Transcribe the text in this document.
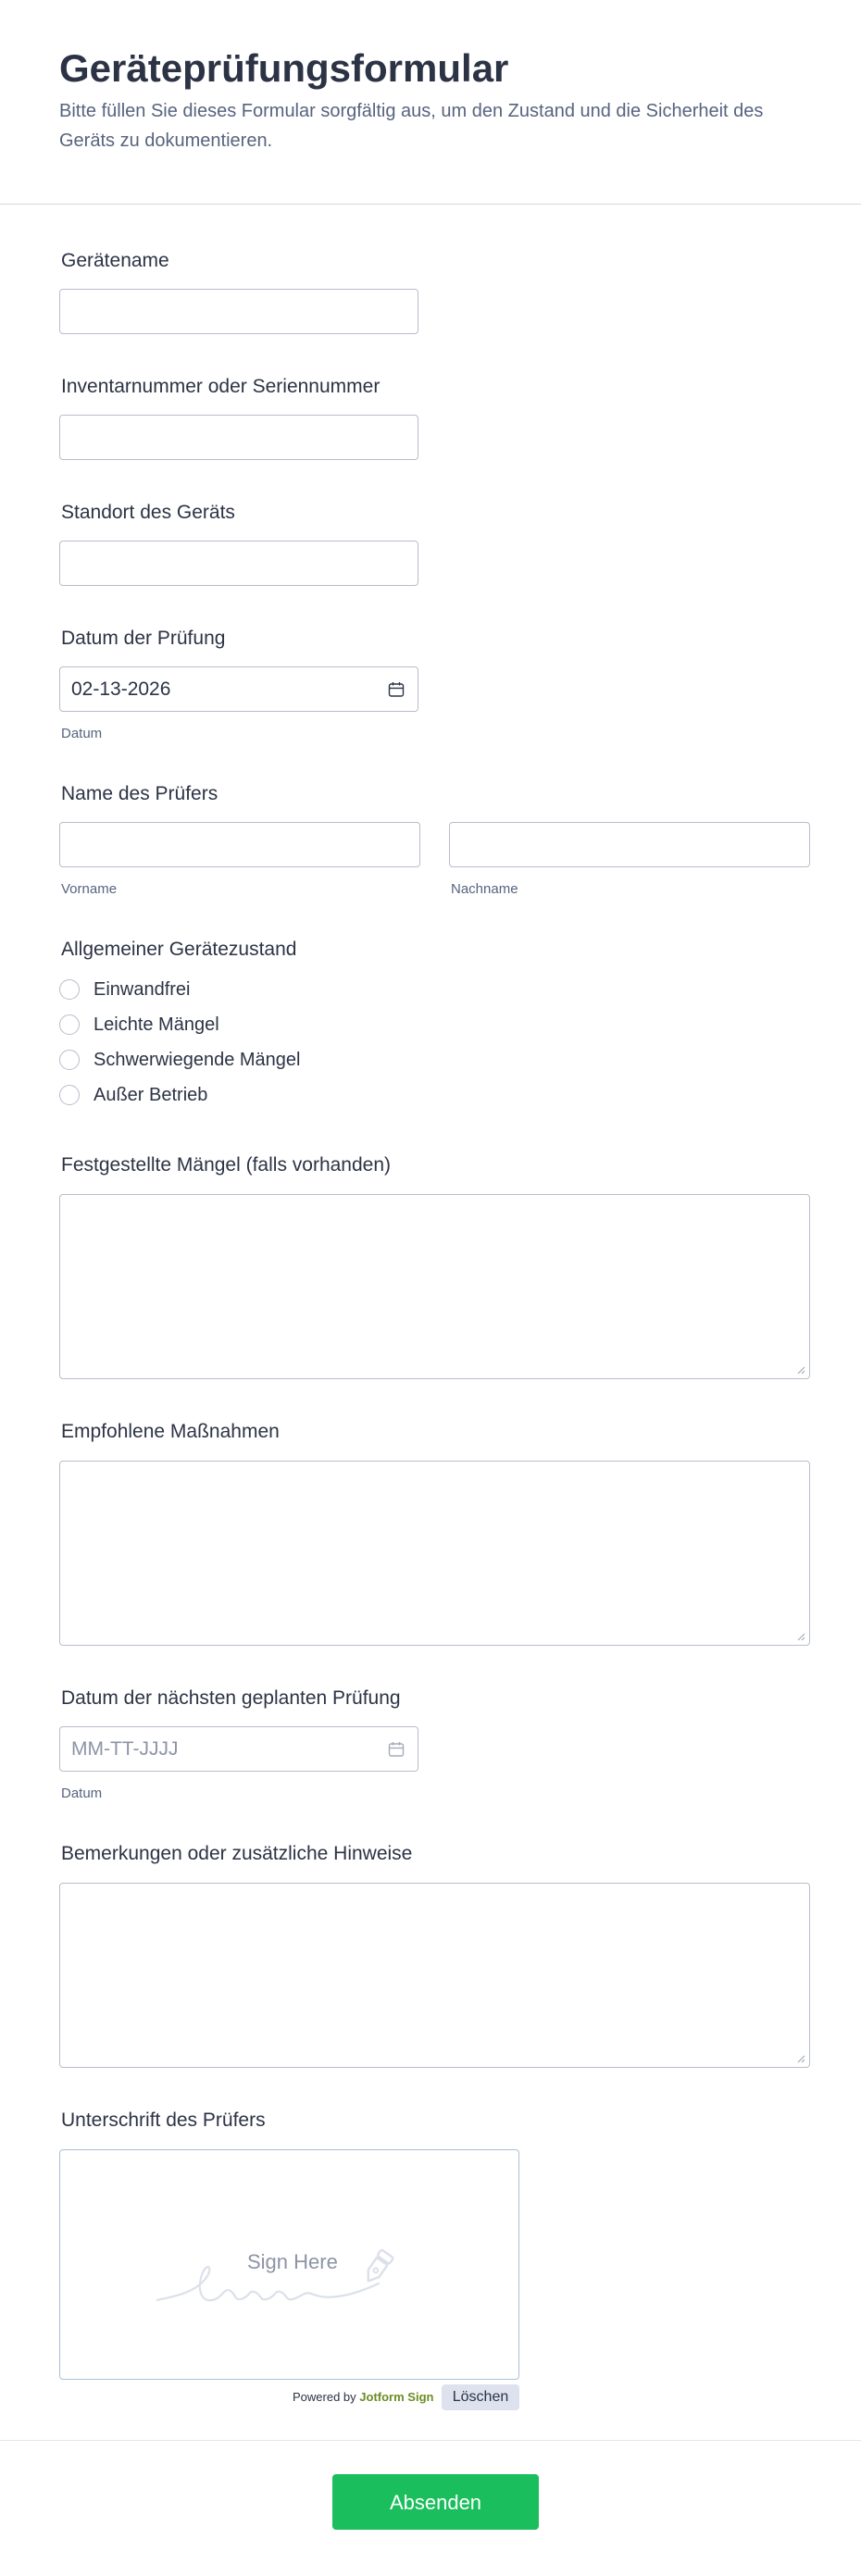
Geräteprüfungsformular
Bitte füllen Sie dieses Formular sorgfältig aus, um den Zustand und die Sicherheit des Geräts zu dokumentieren.
Gerätename
Inventarnummer oder Seriennummer
Standort des Geräts
Datum der Prüfung
02-13-2026
Datum
Name des Prüfers
Vorname	Nachname
Allgemeiner Gerätezustand
Einwandfrei
Leichte Mängel
Schwerwiegende Mängel
Außer Betrieb
Festgestellte Mängel (falls vorhanden)
Empfohlene Maßnahmen
Datum der nächsten geplanten Prüfung
MM-TT-JJJJ
Datum
Bemerkungen oder zusätzliche Hinweise
Unterschrift des Prüfers
Sign Here
Powered by Jotform Sign	Löschen
Absenden
